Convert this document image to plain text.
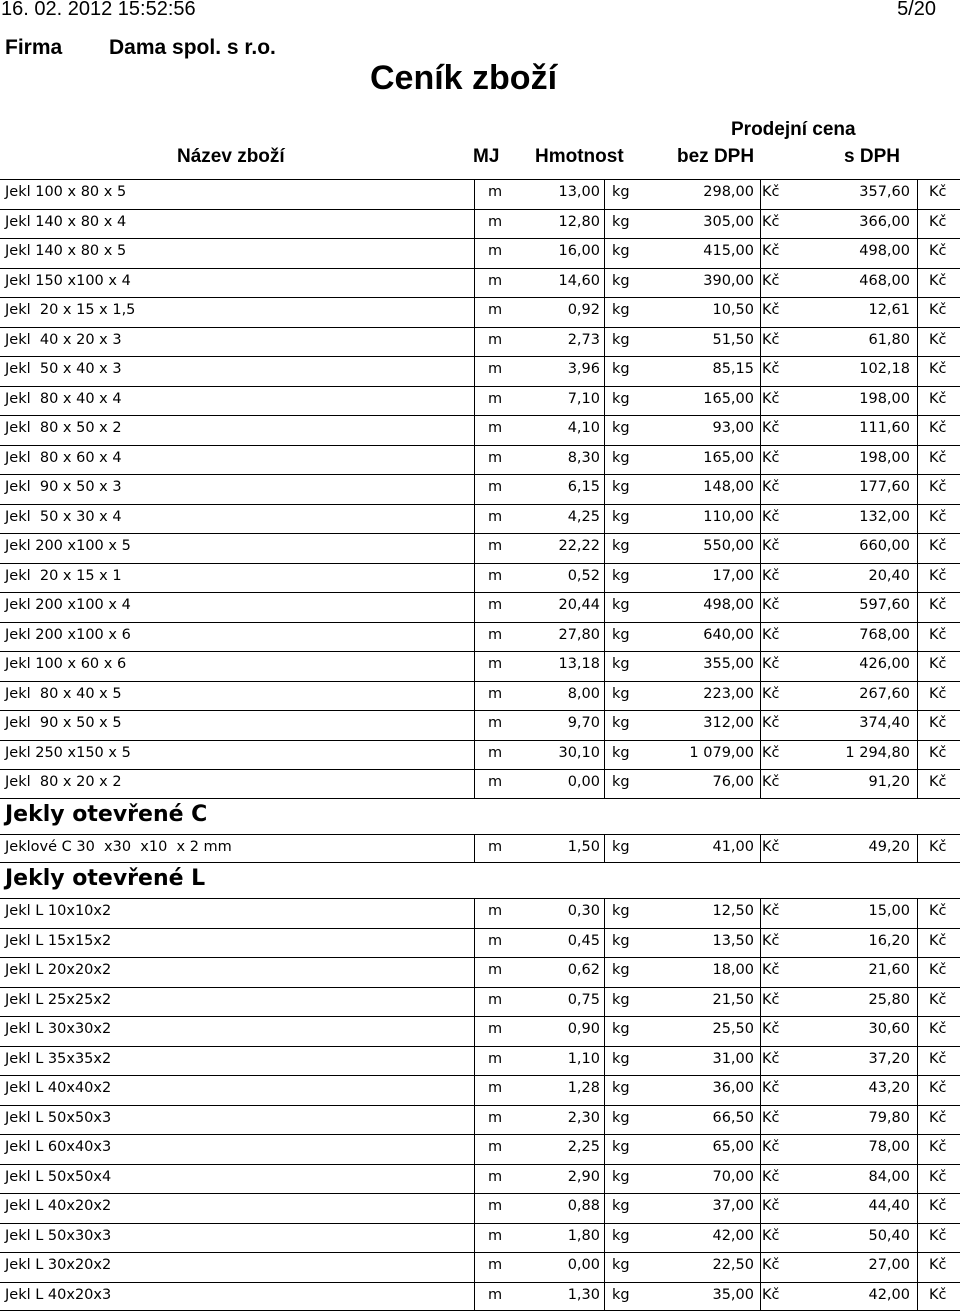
16. 02. 2012 15:52:56	5/20
Firma Dama spol. s r.o.
Ceník zboží
Prodejní cena
Název zboží	MJ Hmotnost	bez DPH	s DPH
Jekl 100 x 80 x 5	m	13,00 kg	298,00 Kč	357,60 Kč
Jekl 140 x 80 x 4	m	12,80 kg	305,00 Kč	366,00 Kč
Jekl 140 x 80 x 5	m	16,00 kg	415,00 Kč	498,00 Kč
Jekl 150 x100 x 4	m	14,60 kg	390,00 Kč	468,00 Kč
Jekl  20 x 15 x 1,5	m	0,92 kg	10,50 Kč	12,61 Kč
Jekl  40 x 20 x 3	m	2,73 kg	51,50 Kč	61,80 Kč
Jekl  50 x 40 x 3	m	3,96 kg	85,15 Kč	102,18 Kč
Jekl  80 x 40 x 4	m	7,10 kg	165,00 Kč	198,00 Kč
Jekl  80 x 50 x 2	m	4,10 kg	93,00 Kč	111,60 Kč
Jekl  80 x 60 x 4	m	8,30 kg	165,00 Kč	198,00 Kč
Jekl  90 x 50 x 3	m	6,15 kg	148,00 Kč	177,60 Kč
Jekl  50 x 30 x 4	m	4,25 kg	110,00 Kč	132,00 Kč
Jekl 200 x100 x 5	m	22,22 kg	550,00 Kč	660,00 Kč
Jekl  20 x 15 x 1	m	0,52 kg	17,00 Kč	20,40 Kč
Jekl 200 x100 x 4	m	20,44 kg	498,00 Kč	597,60 Kč
Jekl 200 x100 x 6	m	27,80 kg	640,00 Kč	768,00 Kč
Jekl 100 x 60 x 6	m	13,18 kg	355,00 Kč	426,00 Kč
Jekl  80 x 40 x 5	m	8,00 kg	223,00 Kč	267,60 Kč
Jekl  90 x 50 x 5	m	9,70 kg	312,00 Kč	374,40 Kč
Jekl 250 x150 x 5	m	30,10 kg	1 079,00 Kč	1 294,80 Kč
Jekl  80 x 20 x 2	m	0,00 kg	76,00 Kč	91,20 Kč
Jekly otevřené C
Jeklové C 30  x30  x10  x 2 mm	m	1,50 kg	41,00 Kč	49,20 Kč
Jekly otevřené L
Jekl L 10x10x2	m	0,30 kg	12,50 Kč	15,00 Kč
Jekl L 15x15x2	m	0,45 kg	13,50 Kč	16,20 Kč
Jekl L 20x20x2	m	0,62 kg	18,00 Kč	21,60 Kč
Jekl L 25x25x2	m	0,75 kg	21,50 Kč	25,80 Kč
Jekl L 30x30x2	m	0,90 kg	25,50 Kč	30,60 Kč
Jekl L 35x35x2	m	1,10 kg	31,00 Kč	37,20 Kč
Jekl L 40x40x2	m	1,28 kg	36,00 Kč	43,20 Kč
Jekl L 50x50x3	m	2,30 kg	66,50 Kč	79,80 Kč
Jekl L 60x40x3	m	2,25 kg	65,00 Kč	78,00 Kč
Jekl L 50x50x4	m	2,90 kg	70,00 Kč	84,00 Kč
Jekl L 40x20x2	m	0,88 kg	37,00 Kč	44,40 Kč
Jekl L 50x30x3	m	1,80 kg	42,00 Kč	50,40 Kč
Jekl L 30x20x2	m	0,00 kg	22,50 Kč	27,00 Kč
Jekl L 40x20x3	m	1,30 kg	35,00 Kč	42,00 Kč
